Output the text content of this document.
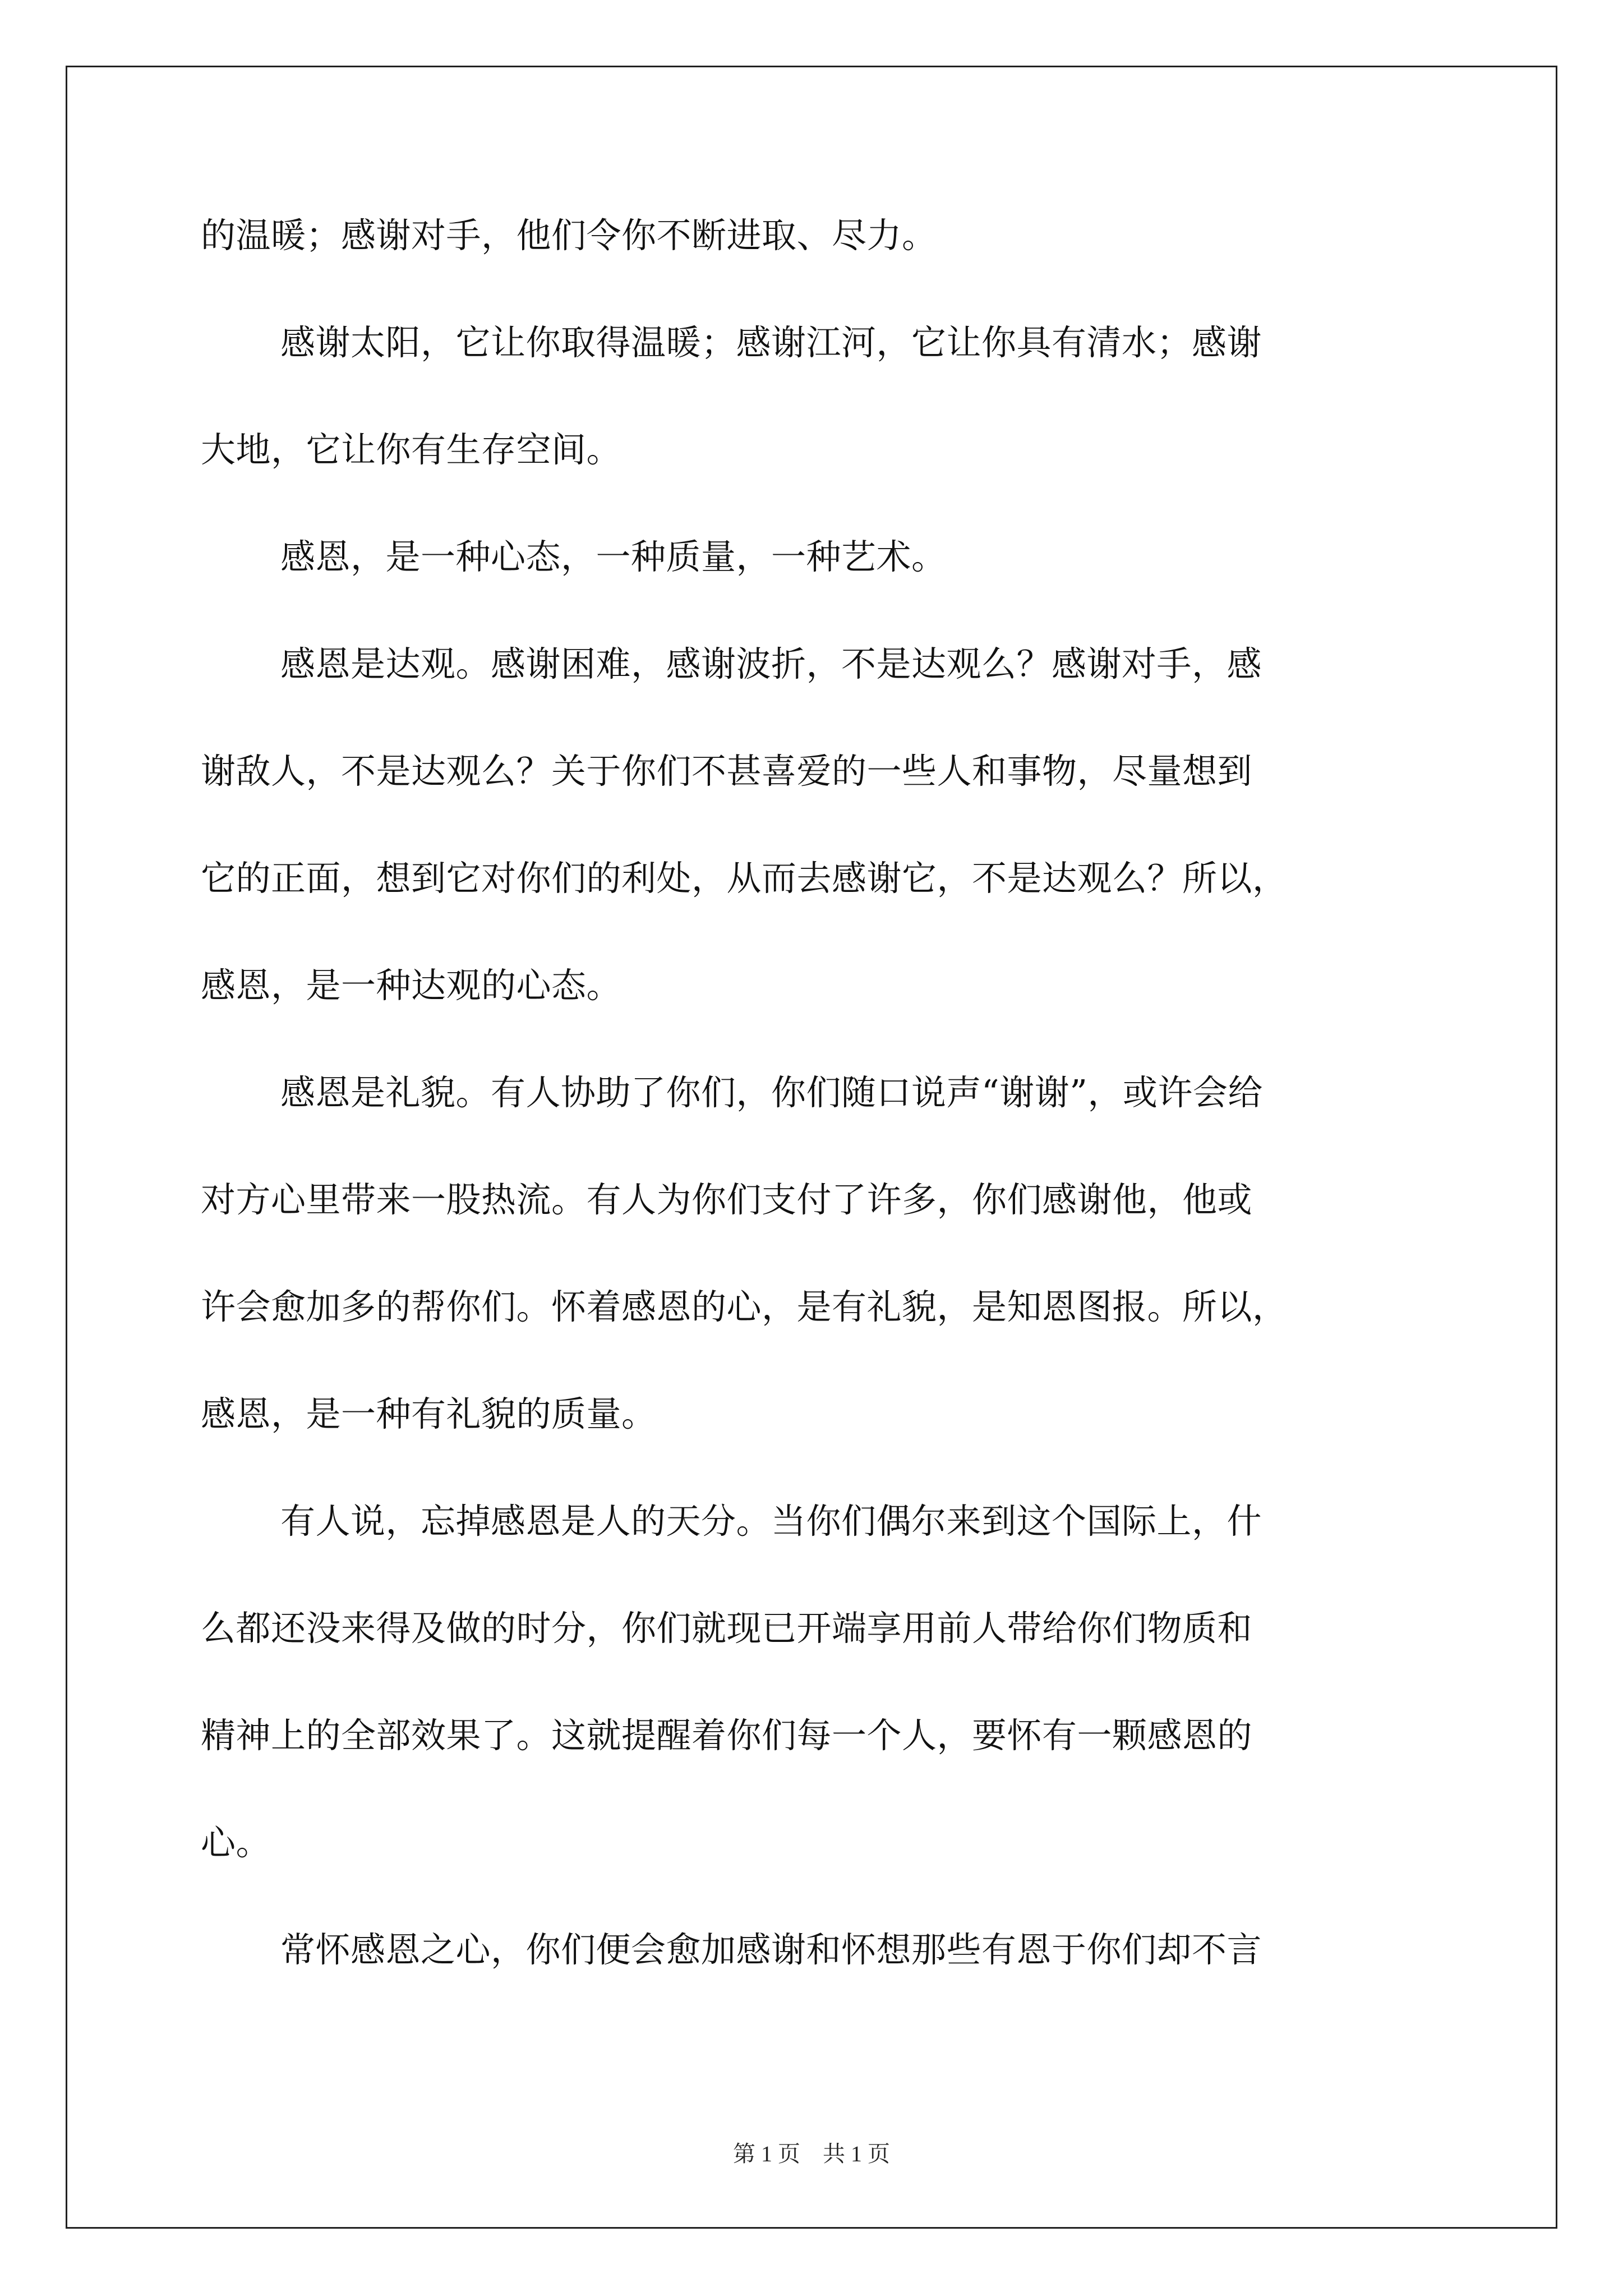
的温暖；感谢对手，他们令你不断进取、尽力。
感谢太阳，它让你取得温暖；感谢江河，它让你具有清水；感谢
大地，它让你有生存空间。
感恩，是一种心态，一种质量，一种艺术。
感恩是达观。感谢困难，感谢波折，不是达观么？感谢对手，感
谢敌人，不是达观么？关于你们不甚喜爱的一些人和事物，尽量想到
它的正面，想到它对你们的利处，从而去感谢它，不是达观么？所以，
感恩，是一种达观的心态。
感恩是礼貌。有人协助了你们，你们随口说声“谢谢”，或许会给
对方心里带来一股热流。有人为你们支付了许多，你们感谢他，他或
许会愈加多的帮你们。怀着感恩的心，是有礼貌，是知恩图报。所以，
感恩，是一种有礼貌的质量。
有人说，忘掉感恩是人的天分。当你们偶尔来到这个国际上，什
么都还没来得及做的时分，你们就现已开端享用前人带给你们物质和
精神上的全部效果了。这就提醒着你们每一个人，要怀有一颗感恩的
心。
常怀感恩之心，你们便会愈加感谢和怀想那些有恩于你们却不言
第 1 页　共 1 页
